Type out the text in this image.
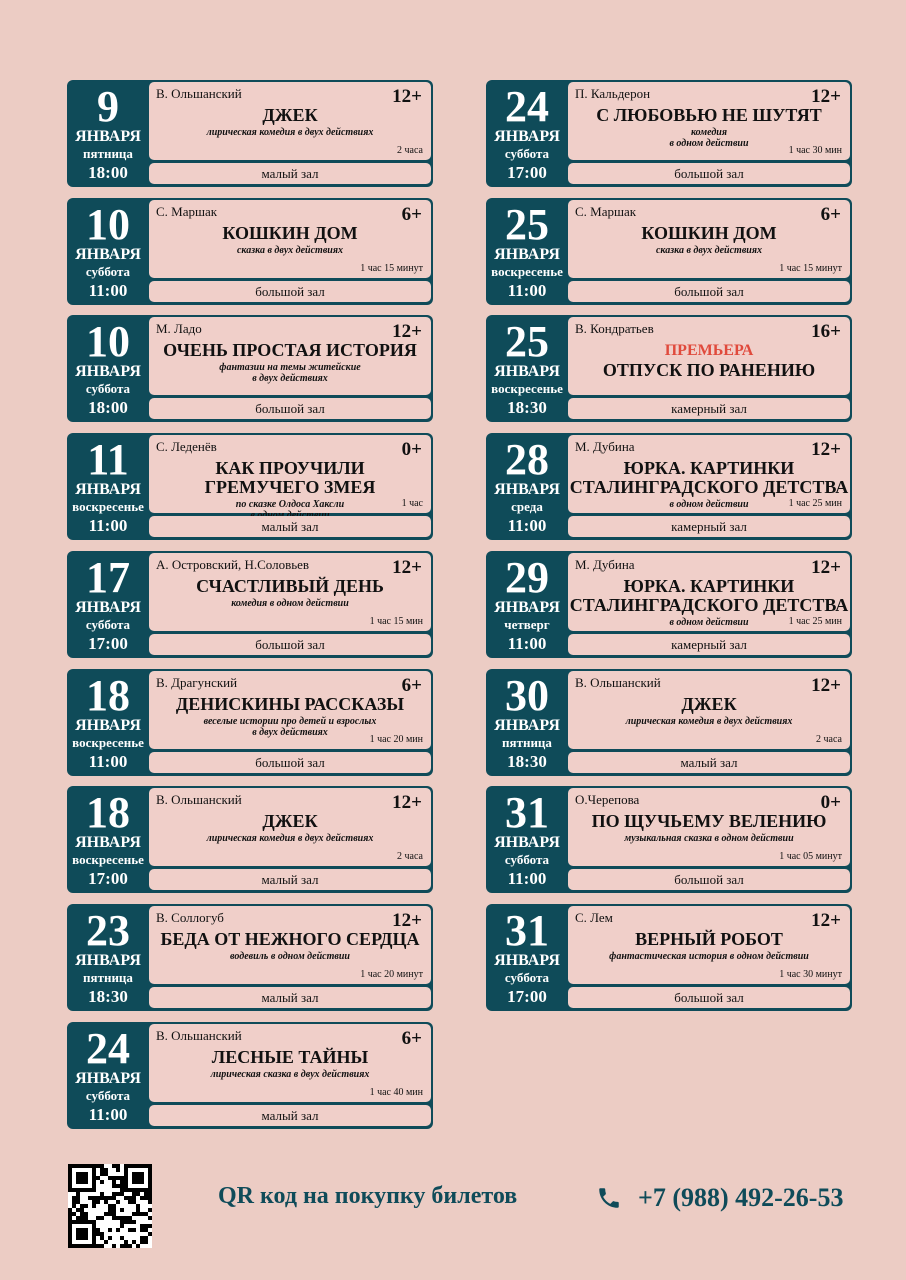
9
ЯНВАРЯ
пятница
18:00
В. Ольшанский	12+
ДЖЕК
лирическая комедия в двух действиях
2 часа
малый зал
10
ЯНВАРЯ
суббота
11:00
С. Маршак	6+
КОШКИН ДОМ
сказка в двух действиях
1 час 15 минут
большой зал
10
ЯНВАРЯ
суббота
18:00
М. Ладо	12+
ОЧЕНЬ ПРОСТАЯ ИСТОРИЯ
фантазии на темы житейские
в двух действиях
большой зал
11
ЯНВАРЯ
воскресенье
11:00
С. Леденёв	0+
КАК ПРОУЧИЛИ
ГРЕМУЧЕГО ЗМЕЯ
по сказке Олдоса Хаксли	1 час
малый зал
17
ЯНВАРЯ
суббота
17:00
А. Островский, Н.Соловьев	12+
СЧАСТЛИВЫЙ ДЕНЬ
комедия в одном действии
1 час 15 мин
большой зал
18
ЯНВАРЯ
воскресенье
11:00
В. Драгунский	6+
ДЕНИСКИНЫ РАССКАЗЫ
веселые истории про детей и взрослых
в двух действиях
1 час 20 мин
большой зал
18
ЯНВАРЯ
воскресенье
17:00
В. Ольшанский	12+
ДЖЕК
лирическая комедия в двух действиях
2 часа
малый зал
23
ЯНВАРЯ
пятница
18:30
В. Соллогуб	12+
БЕДА ОТ НЕЖНОГО СЕРДЦА
водевиль в одном действии
1 час 20 минут
малый зал
24
ЯНВАРЯ
суббота
11:00
В. Ольшанский	6+
ЛЕСНЫЕ ТАЙНЫ
лирическая сказка в двух действиях
1 час 40 мин
малый зал
24
ЯНВАРЯ
суббота
17:00
П. Кальдерон	12+
С ЛЮБОВЬЮ НЕ ШУТЯТ
комедия
в одном действии
1 час 30 мин
большой зал
25
ЯНВАРЯ
воскресенье
11:00
С. Маршак	6+
КОШКИН ДОМ
сказка в двух действиях
1 час 15 минут
большой зал
25
ЯНВАРЯ
воскресенье
18:30
В. Кондратьев	16+
ПРЕМЬЕРА
ОТПУСК ПО РАНЕНИЮ
камерный зал
28
ЯНВАРЯ
среда
11:00
М. Дубина	12+
ЮРКА. КАРТИНКИ
СТАЛИНГРАДСКОГО ДЕТСТВА
в одном действии	1 час 25 мин
камерный зал
29
ЯНВАРЯ
четверг
11:00
М. Дубина	12+
ЮРКА. КАРТИНКИ
СТАЛИНГРАДСКОГО ДЕТСТВА
в одном действии	1 час 25 мин
камерный зал
30
ЯНВАРЯ
пятница
18:30
В. Ольшанский	12+
ДЖЕК
лирическая комедия в двух действиях
2 часа
малый зал
31
ЯНВАРЯ
суббота
11:00
О.Черепова	0+
ПО ЩУЧЬЕМУ ВЕЛЕНИЮ
музыкальная сказка в одном действии
1 час 05 минут
большой зал
31
ЯНВАРЯ
суббота
17:00
С. Лем	12+
ВЕРНЫЙ РОБОТ
фантастическая история в одном действии
1 час 30 минут
большой зал
QR код на покупку билетов	+7 (988) 492-26-53
